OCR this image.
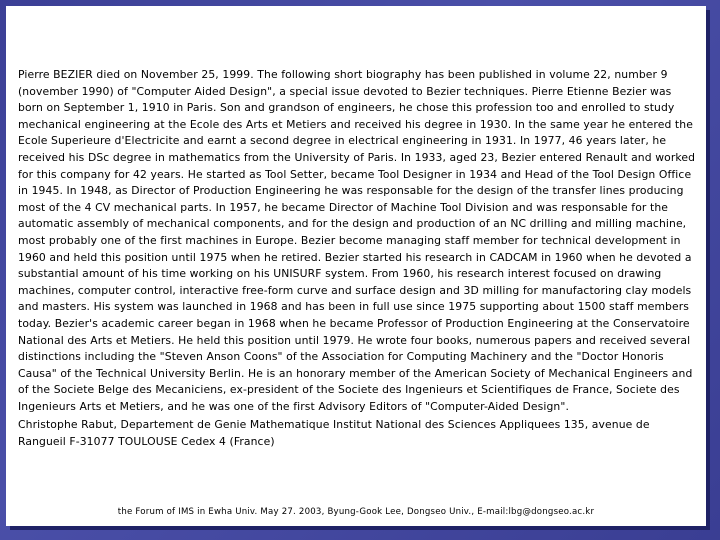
Pierre BEZIER died on November 25, 1999. The following short biography has been published in volume 22, number 9 (november 1990) of "Computer Aided Design", a special issue devoted to Bezier techniques. Pierre Etienne Bezier was born on September 1, 1910 in Paris. Son and grandson of engineers, he chose this profession too and enrolled to study mechanical engineering at the Ecole des Arts et Metiers and received his degree in 1930. In the same year he entered the Ecole Superieure d'Electricite and earnt a second degree in electrical engineering in 1931. In 1977, 46 years later, he received his DSc degree in mathematics from the University of Paris. In 1933, aged 23, Bezier entered Renault and worked for this company for 42 years. He started as Tool Setter, became Tool Designer in 1934 and Head of the Tool Design Office in 1945. In 1948, as Director of Production Engineering he was responsable for the design of the transfer lines producing most of the 4 CV mechanical parts. In 1957, he became Director of Machine Tool Division and was responsable for the automatic assembly of mechanical components, and for the design and production of an NC drilling and milling machine, most probably one of the first machines in Europe. Bezier become managing staff member for technical development in 1960 and held this position until 1975 when he retired. Bezier started his research in CADCAM in 1960 when he devoted a substantial amount of his time working on his UNISURF system. From 1960, his research interest focused on drawing machines, computer control, interactive free-form curve and surface design and 3D milling for manufactoring clay models and masters. His system was launched in 1968 and has been in full use since 1975 supporting about 1500 staff members today. Bezier's academic career began in 1968 when he became Professor of Production Engineering at the Conservatoire National des Arts et Metiers. He held this position until 1979. He wrote four books, numerous papers and received several distinctions including the "Steven Anson Coons" of the Association for Computing Machinery and the "Doctor Honoris Causa" of the Technical University Berlin. He is an honorary member of the American Society of Mechanical Engineers and of the Societe Belge des Mecaniciens, ex-president of the Societe des Ingenieurs et Scientifiques de France, Societe des Ingenieurs Arts et Metiers, and he was one of the first Advisory Editors of "Computer-Aided Design".

Christophe Rabut, Departement de Genie Mathematique Institut National des Sciences Appliquees 135, avenue de Rangueil F-31077 TOULOUSE Cedex 4 (France)

the Forum of IMS in Ewha Univ. May 27. 2003, Byung-Gook Lee, Dongseo Univ., E-mail:lbg@dongseo.ac.kr
